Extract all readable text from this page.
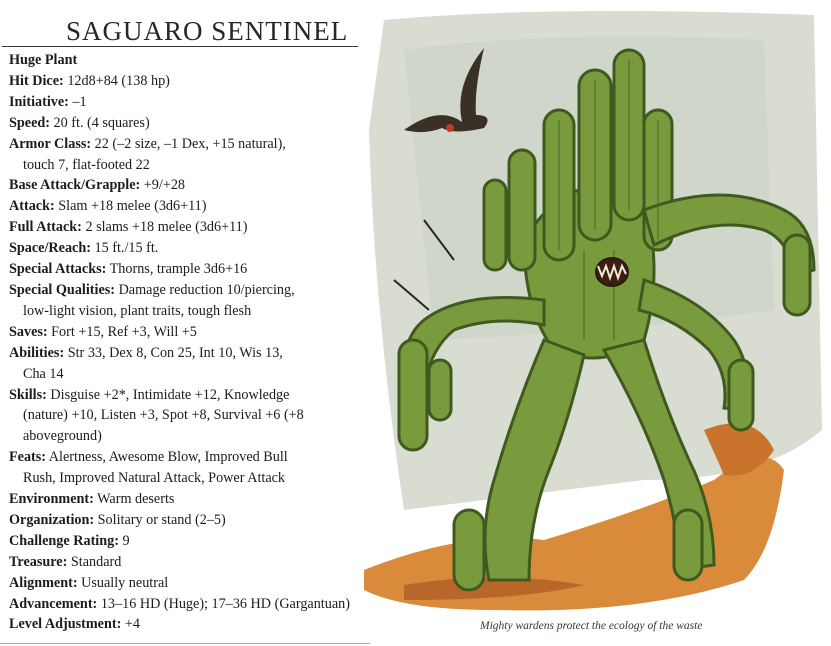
SAGUARO SENTINEL
Huge Plant
Hit Dice: 12d8+84 (138 hp)
Initiative: –1
Speed: 20 ft. (4 squares)
Armor Class: 22 (–2 size, –1 Dex, +15 natural),
touch 7, flat-footed 22
Base Attack/Grapple: +9/+28
Attack: Slam +18 melee (3d6+11)
Full Attack: 2 slams +18 melee (3d6+11)
Space/Reach: 15 ft./15 ft.
Special Attacks: Thorns, trample 3d6+16
Special Qualities: Damage reduction 10/piercing,
low-light vision, plant traits, tough flesh
Saves: Fort +15, Ref +3, Will +5
Abilities: Str 33, Dex 8, Con 25, Int 10, Wis 13,
Cha 14
Skills: Disguise +2*, Intimidate +12, Knowledge
(nature) +10, Listen +3, Spot +8, Survival +6 (+8
aboveground)
Feats: Alertness, Awesome Blow, Improved Bull
Rush, Improved Natural Attack, Power Attack
Environment: Warm deserts
Organization: Solitary or stand (2–5)
Challenge Rating: 9
Treasure: Standard
Alignment: Usually neutral
Advancement: 13–16 HD (Huge); 17–36 HD (Gargantuan)
Level Adjustment: +4	Mighty wardens protect the ecology of the waste
